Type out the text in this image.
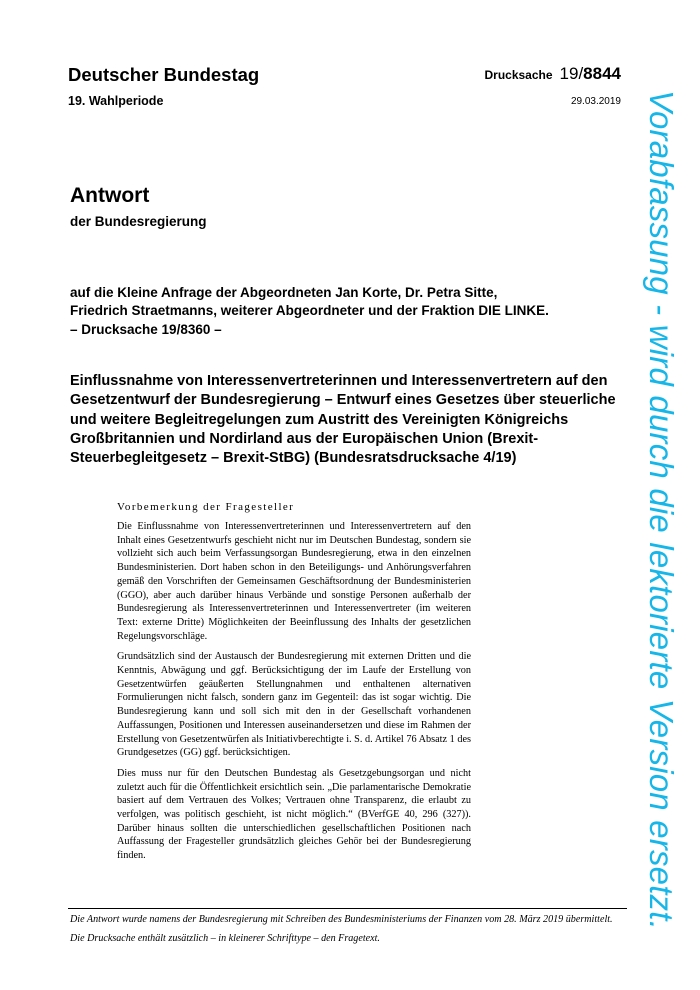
Deutscher Bundestag
19. Wahlperiode
Drucksache 19/8844
29.03.2019
Antwort
der Bundesregierung

auf die Kleine Anfrage der Abgeordneten Jan Korte, Dr. Petra Sitte,

Friedrich Straetmanns, weiterer Abgeordneter und der Fraktion DIE LINKE.

– Drucksache 19/8360 –

Einflussnahme von Interessenvertreterinnen und Interessenvertretern auf den

Gesetzentwurf der Bundesregierung – Entwurf eines Gesetzes über steuerliche

und weitere Begleitregelungen zum Austritt des Vereinigten Königreichs

Großbritannien und Nordirland aus der Europäischen Union (Brexit-

Steuerbegleitgesetz – Brexit-StBG) (Bundesratsdrucksache 4/19)

Vorbemerkung der Fragesteller

Die Einflussnahme von Interessenvertreterinnen und Interessenvertretern auf den Inhalt eines Gesetzentwurfs geschieht nicht nur im Deutschen Bundestag, sondern sie vollzieht sich auch beim Verfassungsorgan Bundesregierung, etwa in den einzelnen Bundesministerien. Dort haben schon in den Beteiligungs- und Anhörungsverfahren gemäß den Vorschriften der Gemeinsamen Geschäftsordnung der Bundesministerien (GGO), aber auch darüber hinaus Verbände und sonstige Personen außerhalb der Bundesregierung als Interessenvertreterinnen und Interessenvertreter (im weiteren Text: externe Dritte) Möglichkeiten der Beeinflussung des Inhalts der gesetzlichen Regelungsvorschläge.

Grundsätzlich sind der Austausch der Bundesregierung mit externen Dritten und die Kenntnis, Abwägung und ggf. Berücksichtigung der im Laufe der Erstellung von Gesetzentwürfen geäußerten Stellungnahmen und enthaltenen alternativen Formulierungen nicht falsch, sondern ganz im Gegenteil: das ist sogar wichtig. Die Bundesregierung kann und soll sich mit den in der Gesellschaft vorhandenen Auffassungen, Positionen und Interessen auseinandersetzen und diese im Rahmen der Erstellung von Gesetzentwürfen als Initiativberechtigte i. S. d. Artikel 76 Absatz 1 des Grundgesetzes (GG) ggf. berücksichtigen.

Dies muss nur für den Deutschen Bundestag als Gesetzgebungsorgan und nicht zuletzt auch für die Öffentlichkeit ersichtlich sein. „Die parlamentarische Demokratie basiert auf dem Vertrauen des Volkes; Vertrauen ohne Transparenz, die erlaubt zu verfolgen, was politisch geschieht, ist nicht möglich.“ (BVerfGE 40, 296 (327)). Darüber hinaus sollten die unterschiedlichen gesellschaftlichen Positionen nach Auffassung der Fragesteller grundsätzlich gleiches Gehör bei der Bundesregierung finden.

Die Antwort wurde namens der Bundesregierung mit Schreiben des Bundesministeriums der Finanzen vom 28. März 2019 übermittelt.

Die Drucksache enthält zusätzlich – in kleinerer Schrifttype – den Fragetext.

Vorabfassung - wird durch die lektorierte Version ersetzt.
